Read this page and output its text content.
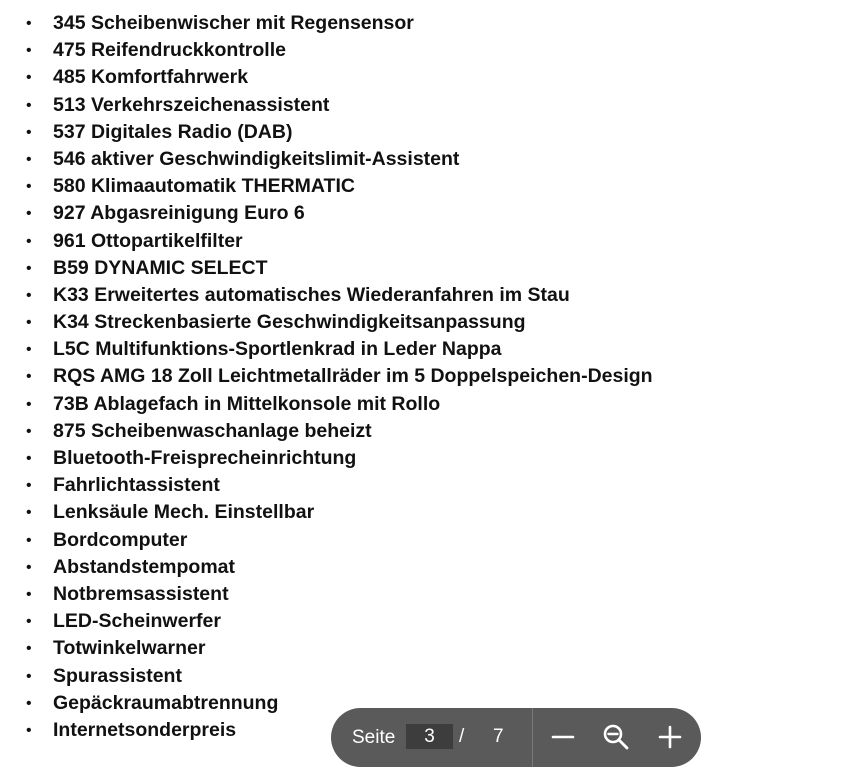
•	345 Scheibenwischer mit Regensensor
•	475 Reifendruckkontrolle
•	485 Komfortfahrwerk
•	513 Verkehrszeichenassistent
•	537 Digitales Radio (DAB)
•	546 aktiver Geschwindigkeitslimit-Assistent
•	580 Klimaautomatik THERMATIC
•	927 Abgasreinigung Euro 6
•	961 Ottopartikelfilter
•	B59 DYNAMIC SELECT
•	K33 Erweitertes automatisches Wiederanfahren im Stau
•	K34 Streckenbasierte Geschwindigkeitsanpassung
•	L5C Multifunktions-Sportlenkrad in Leder Nappa
•	RQS AMG 18 Zoll Leichtmetallräder im 5 Doppelspeichen-Design
•	73B Ablagefach in Mittelkonsole mit Rollo
•	875 Scheibenwaschanlage beheizt
•	Bluetooth-Freisprecheinrichtung
•	Fahrlichtassistent
•	Lenksäule Mech. Einstellbar
•	Bordcomputer
•	Abstandstempomat
•	Notbremsassistent
•	LED-Scheinwerfer
•	Totwinkelwarner
•	Spurassistent
•	Gepäckraumabtrennung
•	Internetsonderpreis	Seite
3	/ 7
